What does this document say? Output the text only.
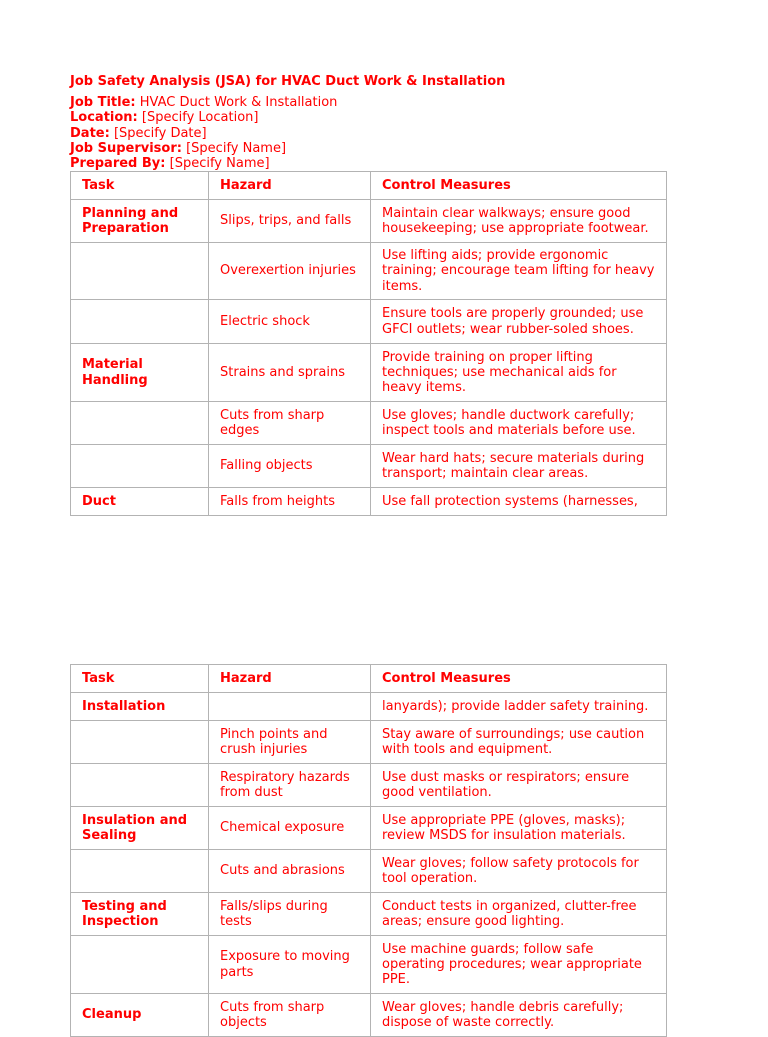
Job Safety Analysis (JSA) for HVAC Duct Work & Installation
Job Title: HVAC Duct Work & Installation
Location: [Specify Location]
Date: [Specify Date]
Job Supervisor: [Specify Name]
Prepared By: [Specify Name]
Task	Hazard	Control Measures
Planning and Preparation	Slips, trips, and falls	Maintain clear walkways; ensure good housekeeping; use appropriate footwear.
	Overexertion injuries	Use lifting aids; provide ergonomic training; encourage team lifting for heavy items.
	Electric shock	Ensure tools are properly grounded; use GFCI outlets; wear rubber-soled shoes.
Material Handling	Strains and sprains	Provide training on proper lifting techniques; use mechanical aids for heavy items.
	Cuts from sharp edges	Use gloves; handle ductwork carefully; inspect tools and materials before use.
	Falling objects	Wear hard hats; secure materials during transport; maintain clear areas.
Duct	Falls from heights	Use fall protection systems (harnesses,
Task	Hazard	Control Measures
Installation		lanyards); provide ladder safety training.
	Pinch points and crush injuries	Stay aware of surroundings; use caution with tools and equipment.
	Respiratory hazards from dust	Use dust masks or respirators; ensure good ventilation.
Insulation and Sealing	Chemical exposure	Use appropriate PPE (gloves, masks); review MSDS for insulation materials.
	Cuts and abrasions	Wear gloves; follow safety protocols for tool operation.
Testing and Inspection	Falls/slips during tests	Conduct tests in organized, clutter-free areas; ensure good lighting.
	Exposure to moving parts	Use machine guards; follow safe operating procedures; wear appropriate PPE.
Cleanup	Cuts from sharp objects	Wear gloves; handle debris carefully; dispose of waste correctly.
